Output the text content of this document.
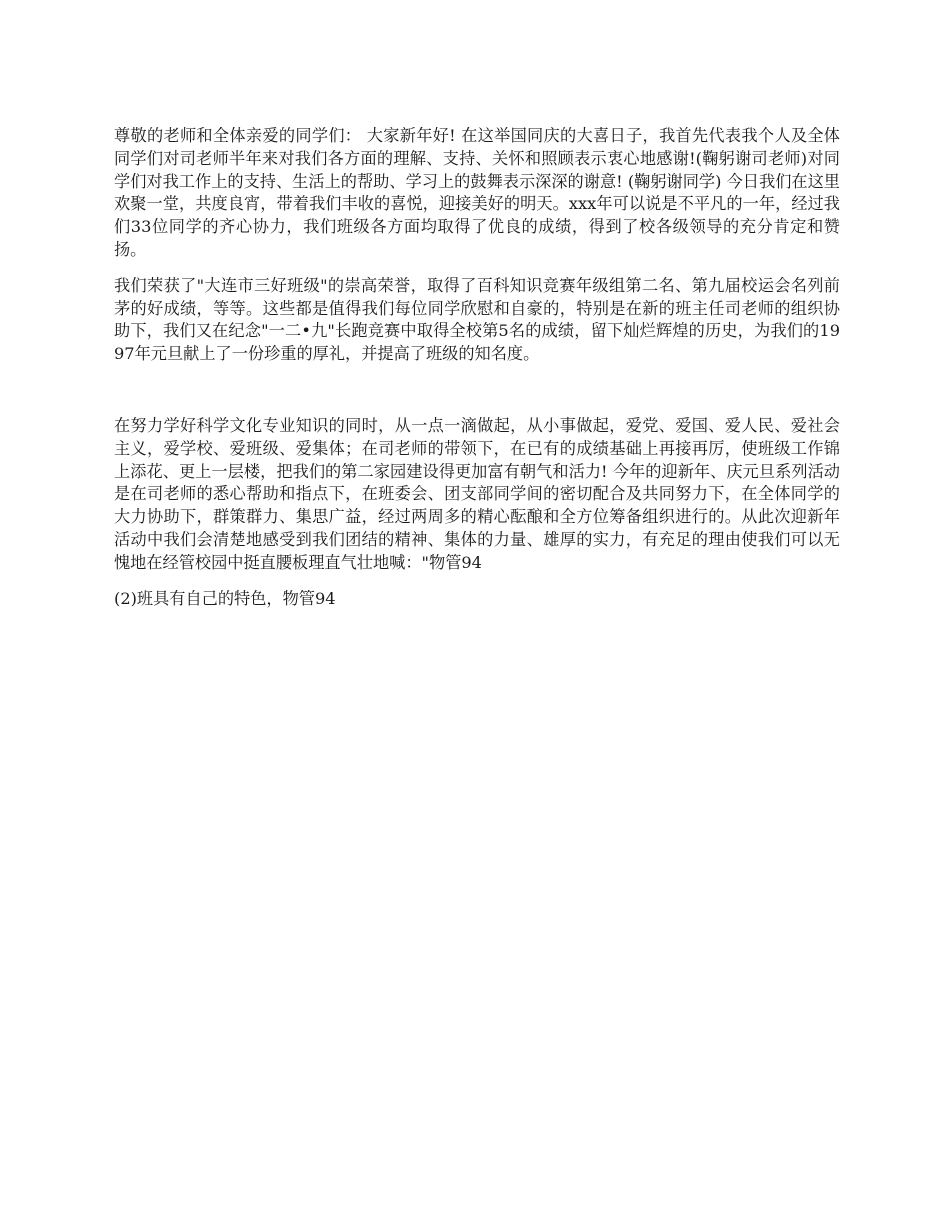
尊敬的老师和全体亲爱的同学们： 大家新年好! 在这举国同庆的大喜日子，我首先代表我个人及全体同学们对司老师半年来对我们各方面的理解、支持、关怀和照顾表示衷心地感谢!(鞠躬谢司老师)对同学们对我工作上的支持、生活上的帮助、学习上的鼓舞表示深深的谢意! (鞠躬谢同学) 今日我们在这里欢聚一堂，共度良宵，带着我们丰收的喜悦，迎接美好的明天。xxx年可以说是不平凡的一年，经过我们33位同学的齐心协力，我们班级各方面均取得了优良的成绩，得到了校各级领导的充分肯定和赞扬。

我们荣获了"大连市三好班级"的崇高荣誉，取得了百科知识竞赛年级组第二名、第九届校运会名列前茅的好成绩，等等。这些都是值得我们每位同学欣慰和自豪的，特别是在新的班主任司老师的组织协助下，我们又在纪念"一二•九"长跑竞赛中取得全校第5名的成绩，留下灿烂辉煌的历史，为我们的1997年元旦献上了一份珍重的厚礼，并提高了班级的知名度。

在努力学好科学文化专业知识的同时，从一点一滴做起，从小事做起，爱党、爱国、爱人民、爱社会主义，爱学校、爱班级、爱集体；在司老师的带领下，在已有的成绩基础上再接再厉，使班级工作锦上添花、更上一层楼，把我们的第二家园建设得更加富有朝气和活力! 今年的迎新年、庆元旦系列活动是在司老师的悉心帮助和指点下，在班委会、团支部同学间的密切配合及共同努力下，在全体同学的大力协助下，群策群力、集思广益，经过两周多的精心酝酿和全方位筹备组织进行的。从此次迎新年活动中我们会清楚地感受到我们团结的精神、集体的力量、雄厚的实力，有充足的理由使我们可以无愧地在经管校园中挺直腰板理直气壮地喊："物管94

(2)班具有自己的特色，物管94
